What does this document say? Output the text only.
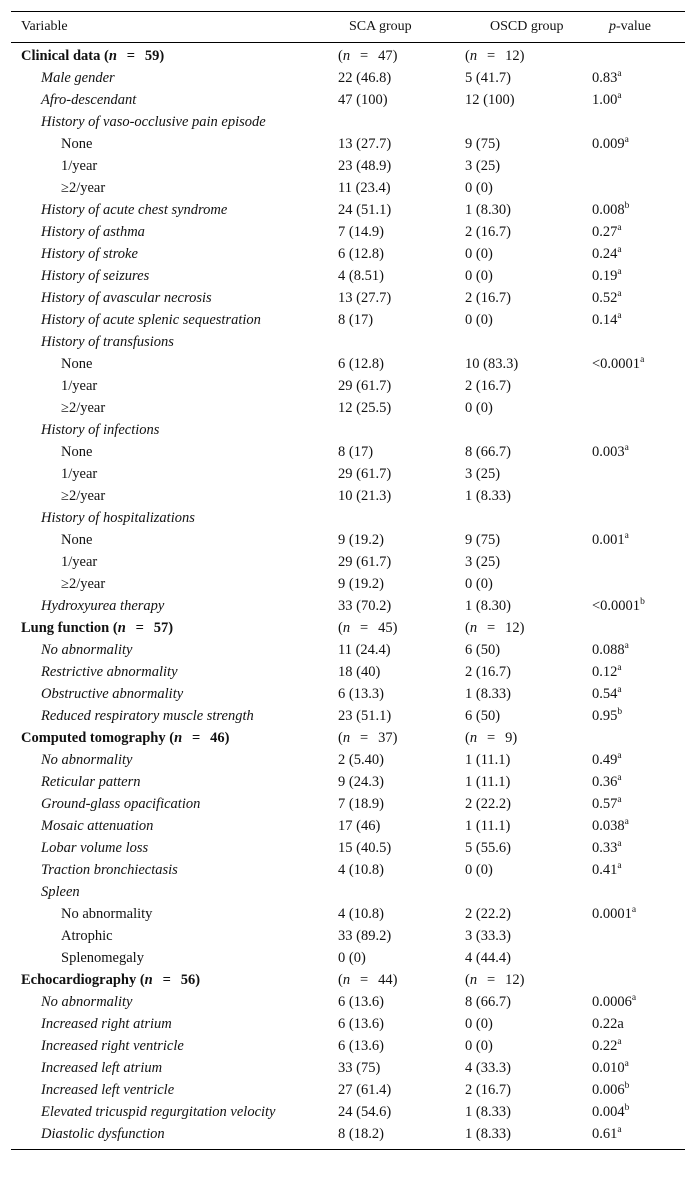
Variable	SCA group	OSCD group	p-value
Clinical data (n = 59)	(n = 47)	(n = 12)	
Male gender	22 (46.8)	5 (41.7)	0.83$^a$
Afro-descendant	47 (100)	12 (100)	1.00$^a$
History of vaso-occlusive pain episode			
None	13 (27.7)	9 (75)	0.009$^a$
1/year	23 (48.9)	3 (25)	
≥2/year	11 (23.4)	0 (0)	
History of acute chest syndrome	24 (51.1)	1 (8.30)	0.008$^b$
History of asthma	7 (14.9)	2 (16.7)	0.27$^a$
History of stroke	6 (12.8)	0 (0)	0.24$^a$
History of seizures	4 (8.51)	0 (0)	0.19$^a$
History of avascular necrosis	13 (27.7)	2 (16.7)	0.52$^a$
History of acute splenic sequestration	8 (17)	0 (0)	0.14$^a$
History of transfusions			
None	6 (12.8)	10 (83.3)	<0.0001$^a$
1/year	29 (61.7)	2 (16.7)	
≥2/year	12 (25.5)	0 (0)	
History of infections			
None	8 (17)	8 (66.7)	0.003$^a$
1/year	29 (61.7)	3 (25)	
≥2/year	10 (21.3)	1 (8.33)	
History of hospitalizations			
None	9 (19.2)	9 (75)	0.001$^a$
1/year	29 (61.7)	3 (25)	
≥2/year	9 (19.2)	0 (0)	
Hydroxyurea therapy	33 (70.2)	1 (8.30)	<0.0001$^b$
Lung function (n = 57)	(n = 45)	(n = 12)	
No abnormality	11 (24.4)	6 (50)	0.088$^a$
Restrictive abnormality	18 (40)	2 (16.7)	0.12$^a$
Obstructive abnormality	6 (13.3)	1 (8.33)	0.54$^a$
Reduced respiratory muscle strength	23 (51.1)	6 (50)	0.95$^b$
Computed tomography (n = 46)	(n = 37)	(n = 9)	
No abnormality	2 (5.40)	1 (11.1)	0.49$^a$
Reticular pattern	9 (24.3)	1 (11.1)	0.36$^a$
Ground-glass opacification	7 (18.9)	2 (22.2)	0.57$^a$
Mosaic attenuation	17 (46)	1 (11.1)	0.038$^a$
Lobar volume loss	15 (40.5)	5 (55.6)	0.33$^a$
Traction bronchiectasis	4 (10.8)	0 (0)	0.41$^a$
Spleen			
No abnormality	4 (10.8)	2 (22.2)	0.0001$^a$
Atrophic	33 (89.2)	3 (33.3)	
Splenomegaly	0 (0)	4 (44.4)	
Echocardiography (n = 56)	(n = 44)	(n = 12)	
No abnormality	6 (13.6)	8 (66.7)	0.0006$^a$
Increased right atrium	6 (13.6)	0 (0)	0.22a
Increased right ventricle	6 (13.6)	0 (0)	0.22$^a$
Increased left atrium	33 (75)	4 (33.3)	0.010$^a$
Increased left ventricle	27 (61.4)	2 (16.7)	0.006$^b$
Elevated tricuspid regurgitation velocity	24 (54.6)	1 (8.33)	0.004$^b$
Diastolic dysfunction	8 (18.2)	1 (8.33)	0.61$^a$
